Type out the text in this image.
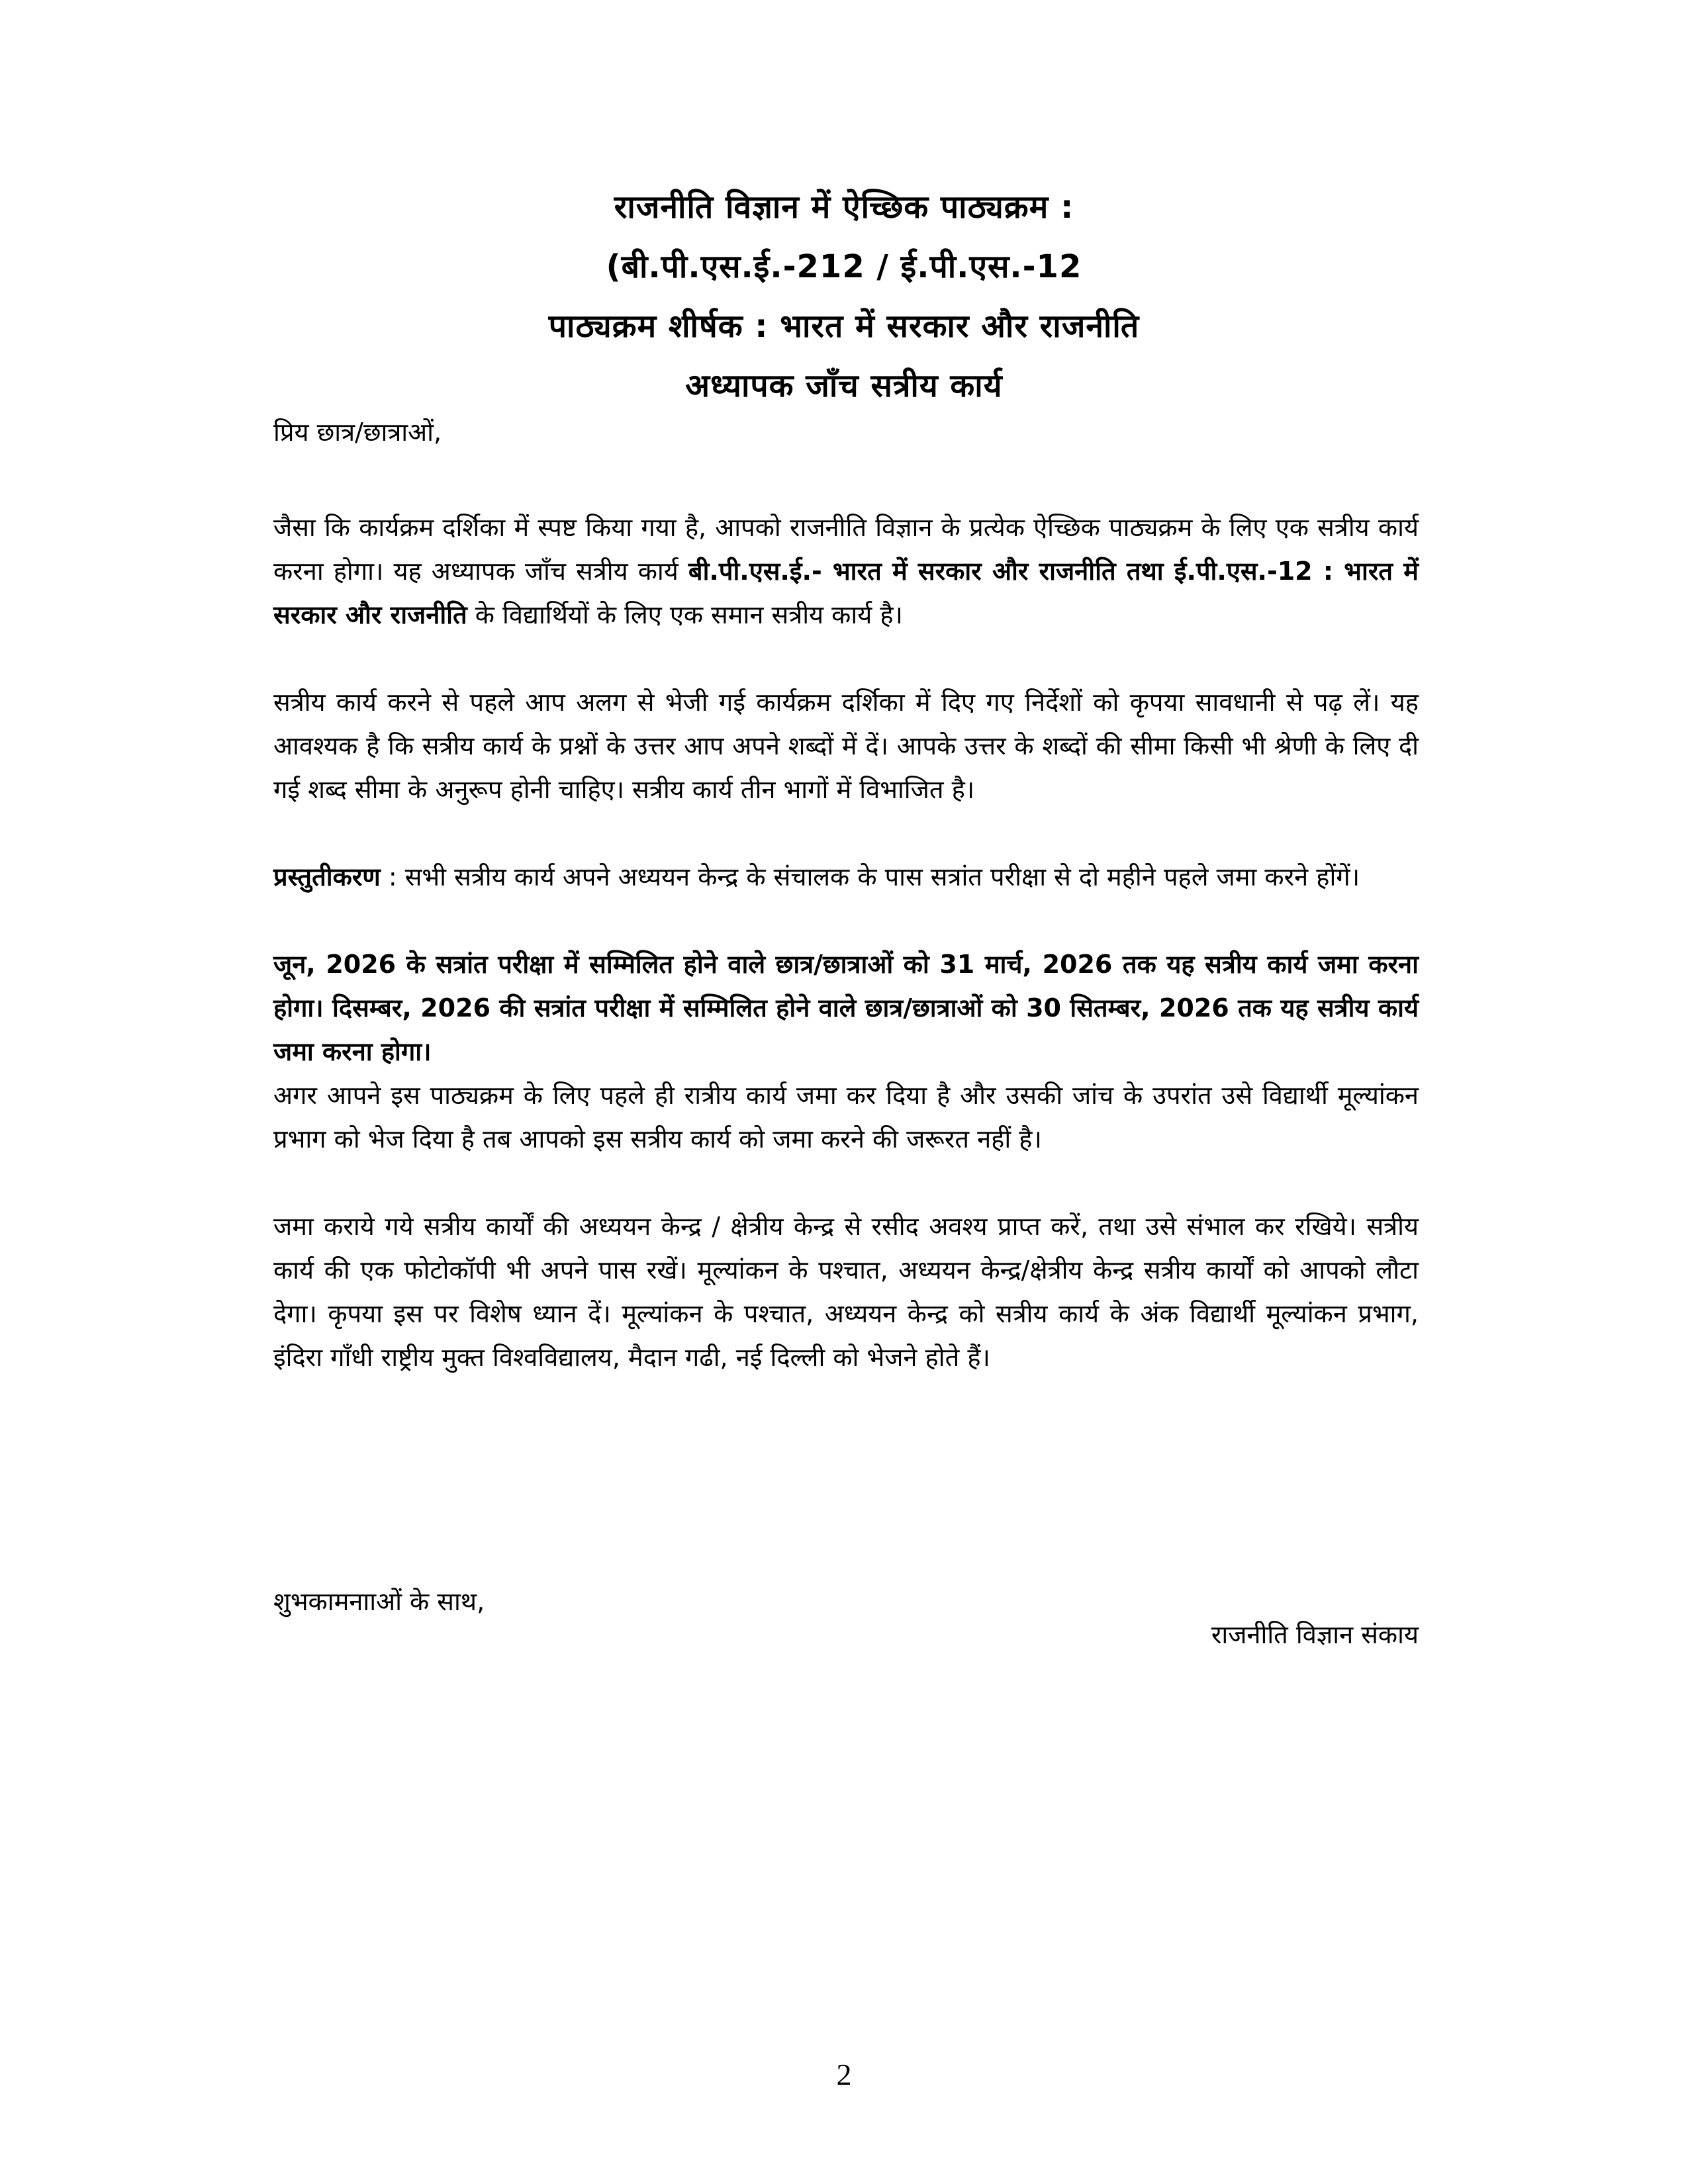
राजनीति विज्ञान में ऐच्छिक पाठ्यक्रम :
(बी.पी.एस.ई.-212 / ई.पी.एस.-12
पाठ्यक्रम शीर्षक : भारत में सरकार और राजनीति
अध्यापक जाँच सत्रीय कार्य

प्रिय छात्र/छात्राओं,

जैसा कि कार्यक्रम दर्शिका में स्पष्ट किया गया है, आपको राजनीति विज्ञान के प्रत्येक ऐच्छिक पाठ्यक्रम के लिए एक सत्रीय कार्य करना होगा। यह अध्यापक जाँच सत्रीय कार्य बी.पी.एस.ई.- भारत में सरकार और राजनीति तथा ई.पी.एस.-12 : भारत में सरकार और राजनीति के विद्यार्थियों के लिए एक समान सत्रीय कार्य है।

सत्रीय कार्य करने से पहले आप अलग से भेजी गई कार्यक्रम दर्शिका में दिए गए निर्देशों को कृपया सावधानी से पढ़ लें। यह आवश्यक है कि सत्रीय कार्य के प्रश्नों के उत्तर आप अपने शब्दों में दें। आपके उत्तर के शब्दों की सीमा किसी भी श्रेणी के लिए दी गई शब्द सीमा के अनुरूप होनी चाहिए। सत्रीय कार्य तीन भागों में विभाजित है।

प्रस्तुतीकरण : सभी सत्रीय कार्य अपने अध्ययन केन्द्र के संचालक के पास सत्रांत परीक्षा से दो महीने पहले जमा करने होंगें।

जून, 2026 के सत्रांत परीक्षा में सम्मिलित होने वाले छात्र/छात्राओं को 31 मार्च, 2026 तक यह सत्रीय कार्य जमा करना होगा। दिसम्बर, 2026 की सत्रांत परीक्षा में सम्मिलित होने वाले छात्र/छात्राओं को 30 सितम्बर, 2026 तक यह सत्रीय कार्य जमा करना होगा।

अगर आपने इस पाठ्यक्रम के लिए पहले ही रात्रीय कार्य जमा कर दिया है और उसकी जांच के उपरांत उसे विद्यार्थी मूल्यांकन प्रभाग को भेज दिया है तब आपको इस सत्रीय कार्य को जमा करने की जरूरत नहीं है।

जमा कराये गये सत्रीय कार्यों की अध्ययन केन्द्र / क्षेत्रीय केन्द्र से रसीद अवश्य प्राप्त करें, तथा उसे संभाल कर रखिये। सत्रीय कार्य की एक फोटोकॉपी भी अपने पास रखें। मूल्यांकन के पश्चात, अध्ययन केन्द्र/क्षेत्रीय केन्द्र सत्रीय कार्यों को आपको लौटा देगा। कृपया इस पर विशेष ध्यान दें। मूल्यांकन के पश्चात, अध्ययन केन्द्र को सत्रीय कार्य के अंक विद्यार्थी मूल्यांकन प्रभाग, इंदिरा गाँधी राष्ट्रीय मुक्त विश्वविद्यालय, मैदान गढी, नई दिल्ली को भेजने होते हैं।

शुभकामनााओं के साथ,
राजनीति विज्ञान संकाय
2
